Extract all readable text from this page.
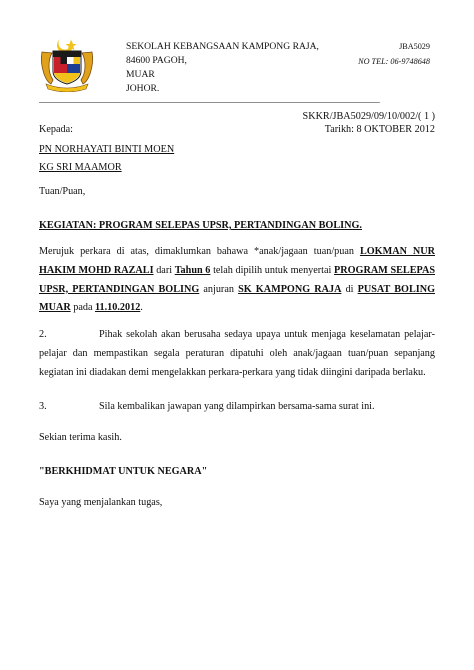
SEKOLAH KEBANGSAAN KAMPONG RAJA,
84600 PAGOH,
MUAR
JOHOR.
JBA5029
NO TEL: 06-9748648
___________________________________________________________________________________
SKKR/JBA5029/09/10/002/( 1 )
Tarikh: 8 OKTOBER 2012
Kepada:
PN NORHAYATI BINTI MOEN
KG SRI MAAMOR
Tuan/Puan,
KEGIATAN: PROGRAM SELEPAS UPSR, PERTANDINGAN BOLING.
Merujuk perkara di atas, dimaklumkan bahawa *anak/jagaan tuan/puan LOKMAN NUR HAKIM MOHD RAZALI dari Tahun 6 telah dipilih untuk menyertai PROGRAM SELEPAS UPSR, PERTANDINGAN BOLING anjuran SK KAMPONG RAJA di PUSAT BOLING MUAR pada 11.10.2012.
2.	Pihak sekolah akan berusaha sedaya upaya untuk menjaga keselamatan pelajar-pelajar dan mempastikan segala peraturan dipatuhi oleh anak/jagaan tuan/puan sepanjang kegiatan ini diadakan demi mengelakkan perkara-perkara yang tidak diingini daripada berlaku.
3.	Sila kembalikan jawapan yang dilampirkan bersama-sama surat ini.
Sekian terima kasih.
"BERKHIDMAT UNTUK NEGARA"
Saya yang menjalankan tugas,
